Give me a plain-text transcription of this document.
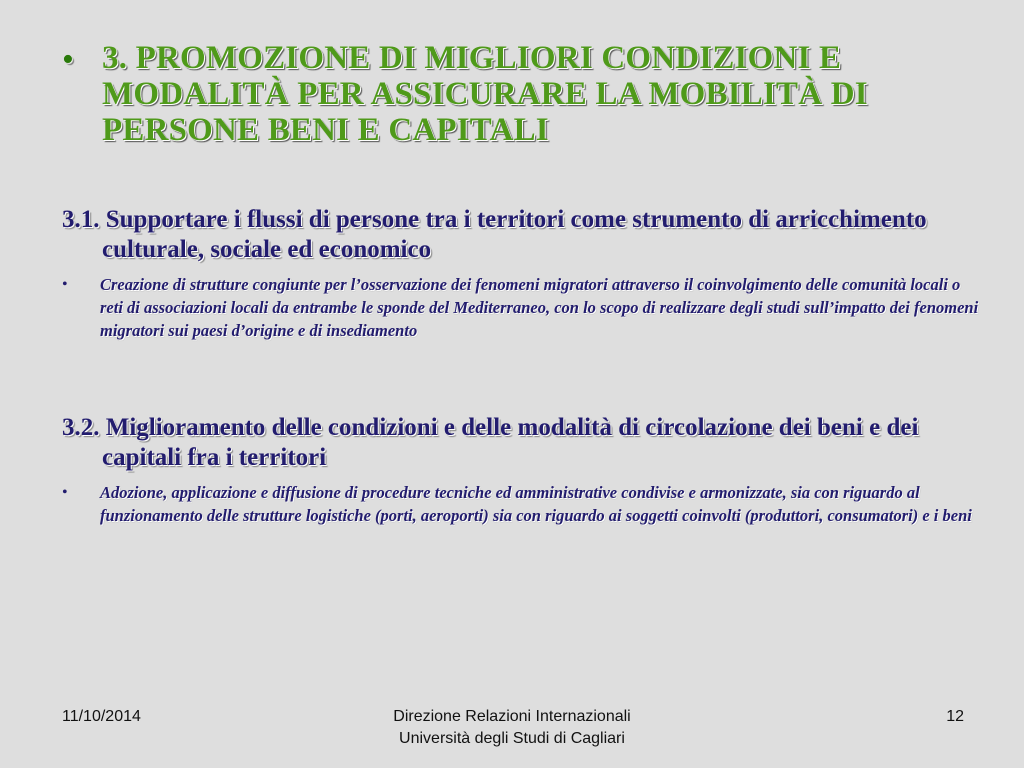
• 3. PROMOZIONE DI MIGLIORI CONDIZIONI E MODALITÀ PER ASSICURARE LA MOBILITÀ DI PERSONE BENI E CAPITALI
3.1. Supportare i flussi di persone tra i territori come strumento di arricchimento culturale, sociale ed economico
• Creazione di strutture congiunte per l’osservazione dei fenomeni migratori attraverso il coinvolgimento delle comunità locali o reti di associazioni locali da entrambe le sponde del Mediterraneo, con lo scopo di realizzare degli studi sull’impatto dei fenomeni migratori sui paesi d’origine e di insediamento
3.2. Miglioramento delle condizioni e delle modalità di circolazione dei beni e dei capitali fra i territori
• Adozione, applicazione e diffusione di procedure tecniche ed amministrative condivise e armonizzate, sia con riguardo al funzionamento delle strutture logistiche (porti, aeroporti) sia con riguardo ai soggetti coinvolti (produttori, consumatori) e i beni
11/10/2014	Direzione Relazioni Internazionali
Università degli Studi di Cagliari
12
